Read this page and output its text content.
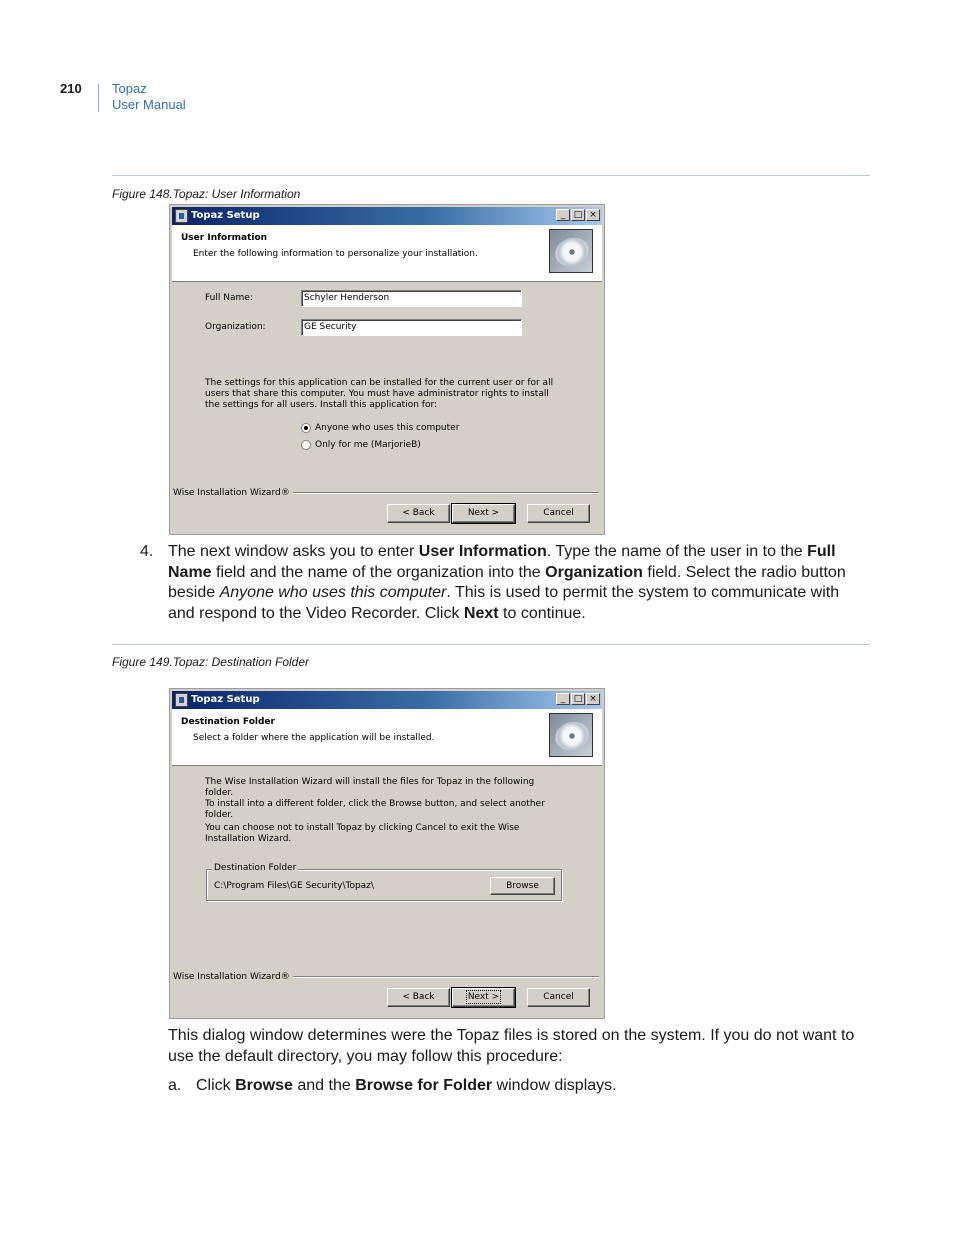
210 Topaz
User Manual
Figure 148.Topaz: User Information
Topaz Setup	_ □ ×
User Information
Enter the following information to personalize your installation.
Full Name:	Schyler Henderson
Organization:	GE Security
The settings for this application can be installed for the current user or for all users that share this computer. You must have administrator rights to install the settings for all users. Install this application for:
Anyone who uses this computer
Only for me (MarjorieB)
Wise Installation Wizard®
< Back	Next >	Cancel
4. The next window asks you to enter User Information. Type the name of the user in to the Full Name field and the name of the organization into the Organization field. Select the radio button beside Anyone who uses this computer. This is used to permit the system to communicate with and respond to the Video Recorder. Click Next to continue.
Figure 149.Topaz: Destination Folder
Topaz Setup	_ □ ×
Destination Folder
Select a folder where the application will be installed.
The Wise Installation Wizard will install the files for Topaz in the following folder.
To install into a different folder, click the Browse button, and select another folder.
You can choose not to install Topaz by clicking Cancel to exit the Wise Installation Wizard.
Destination Folder
C:\Program Files\GE Security\Topaz\	Browse
Wise Installation Wizard®
< Back	Next >	Cancel
This dialog window determines were the Topaz files is stored on the system. If you do not want to use the default directory, you may follow this procedure:
a. Click Browse and the Browse for Folder window displays.
